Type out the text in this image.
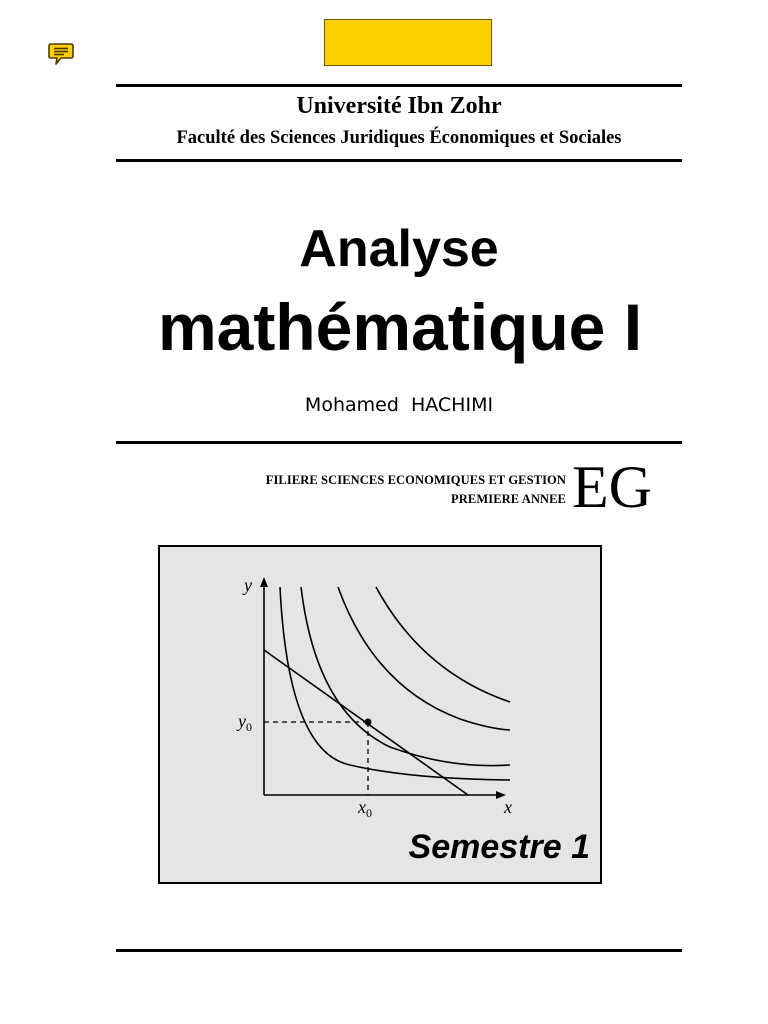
Université Ibn Zohr
Faculté des Sciences Juridiques Économiques et Sociales
Analyse
mathématique I
Mohamed  HACHIMI
FILIERE SCIENCES ECONOMIQUES ET GESTION
PREMIERE ANNEE EG
y
x
$x_0$
$y_0$
Semestre 1
